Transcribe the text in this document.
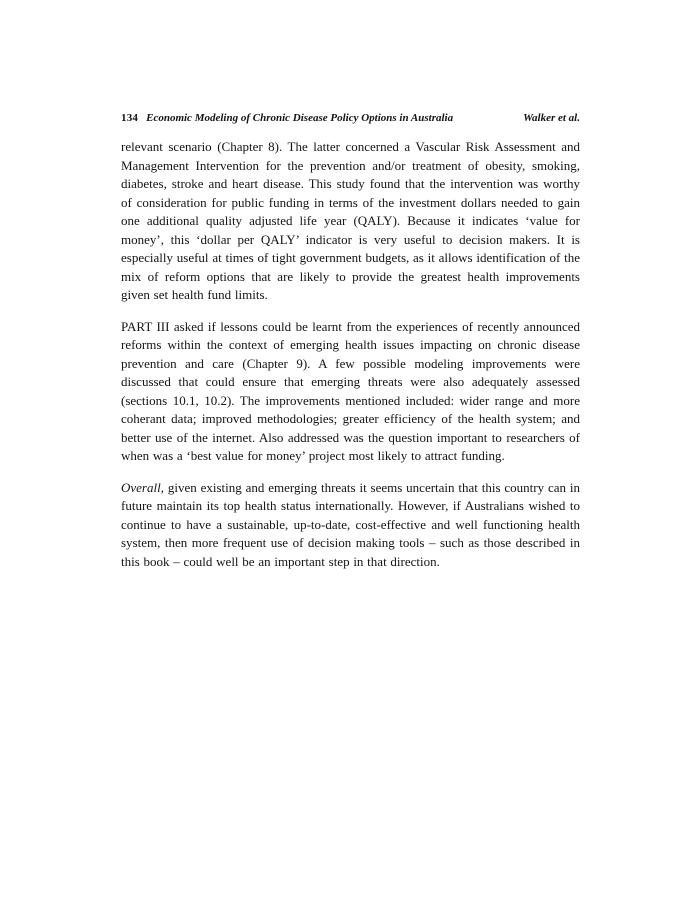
134 Economic Modeling of Chronic Disease Policy Options in Australia	Walker et al.

relevant scenario (Chapter 8). The latter concerned a Vascular Risk Assessment and Management Intervention for the prevention and/or treatment of obesity, smoking, diabetes, stroke and heart disease. This study found that the intervention was worthy of consideration for public funding in terms of the investment dollars needed to gain one additional quality adjusted life year (QALY). Because it indicates ‘value for money’, this ‘dollar per QALY’ indicator is very useful to decision makers. It is especially useful at times of tight government budgets, as it allows identification of the mix of reform options that are likely to provide the greatest health improvements given set health fund limits.

PART III asked if lessons could be learnt from the experiences of recently announced reforms within the context of emerging health issues impacting on chronic disease prevention and care (Chapter 9). A few possible modeling improvements were discussed that could ensure that emerging threats were also adequately assessed (sections 10.1, 10.2). The improvements mentioned included: wider range and more coherant data; improved methodologies; greater efficiency of the health system; and better use of the internet. Also addressed was the question important to researchers of when was a ‘best value for money’ project most likely to attract funding.

Overall, given existing and emerging threats it seems uncertain that this country can in future maintain its top health status internationally. However, if Australians wished to continue to have a sustainable, up-to-date, cost-effective and well functioning health system, then more frequent use of decision making tools – such as those described in this book – could well be an important step in that direction.
